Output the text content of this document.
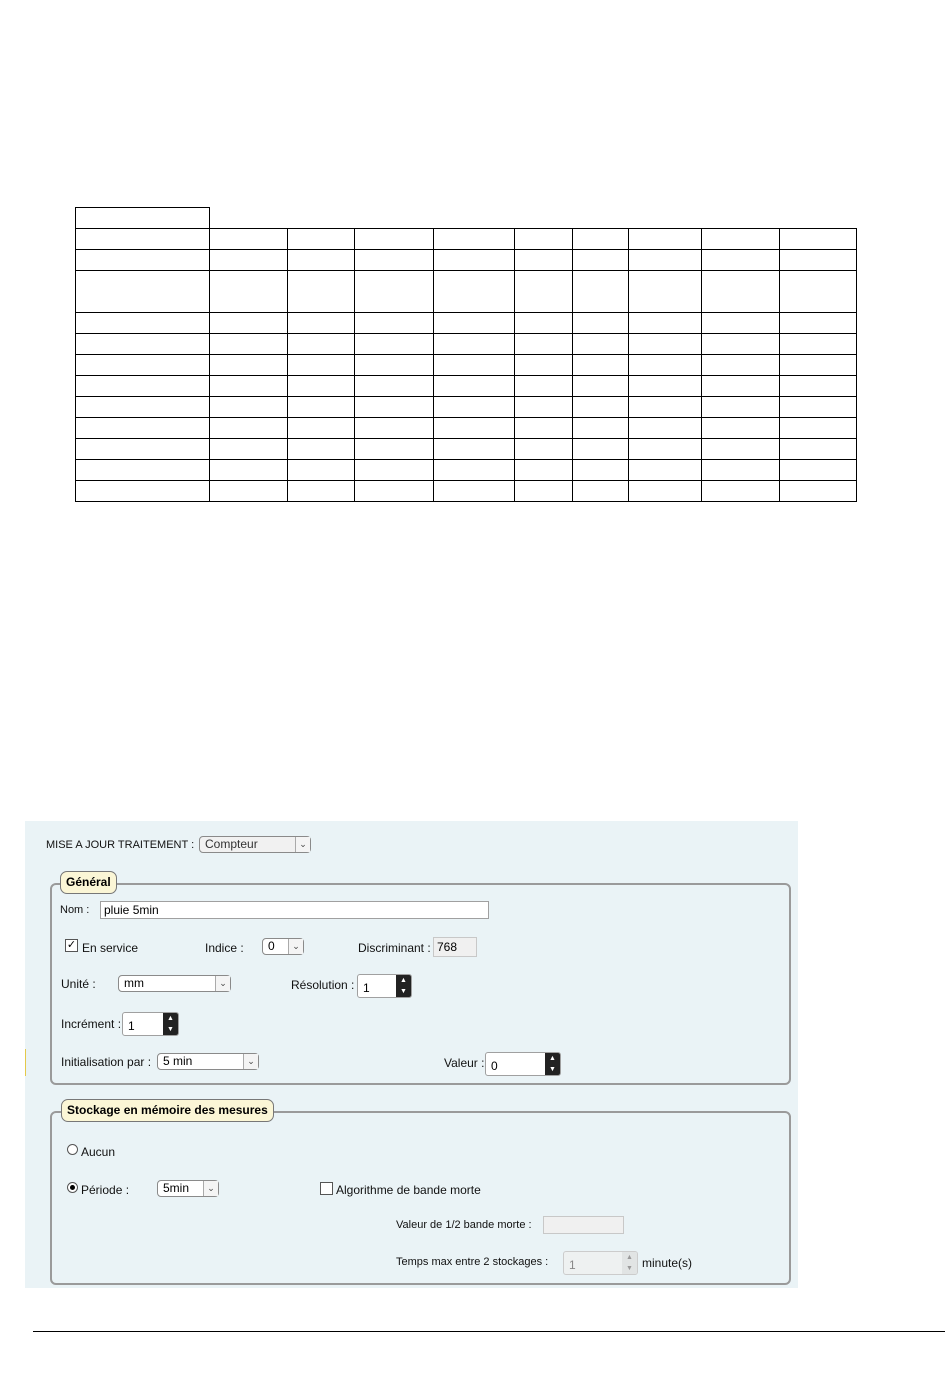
MISE A JOUR TRAITEMENT : Compteur	⌄
Général
Nom :	pluie 5min
✓ En service	Indice :	0	⌄	Discriminant : 768
Unité :	mm	⌄	Résolution : 1
▲
▼
Incrément : 1
▲
▼
Initialisation par : 5 min	⌄	Valeur : 0
▲
▼
Stockage en mémoire des mesures
Aucun
Période :	5min	⌄	Algorithme de bande morte
Valeur de 1/2 bande morte :
Temps max entre 2 stockages :	1
▲
▼ minute(s)
